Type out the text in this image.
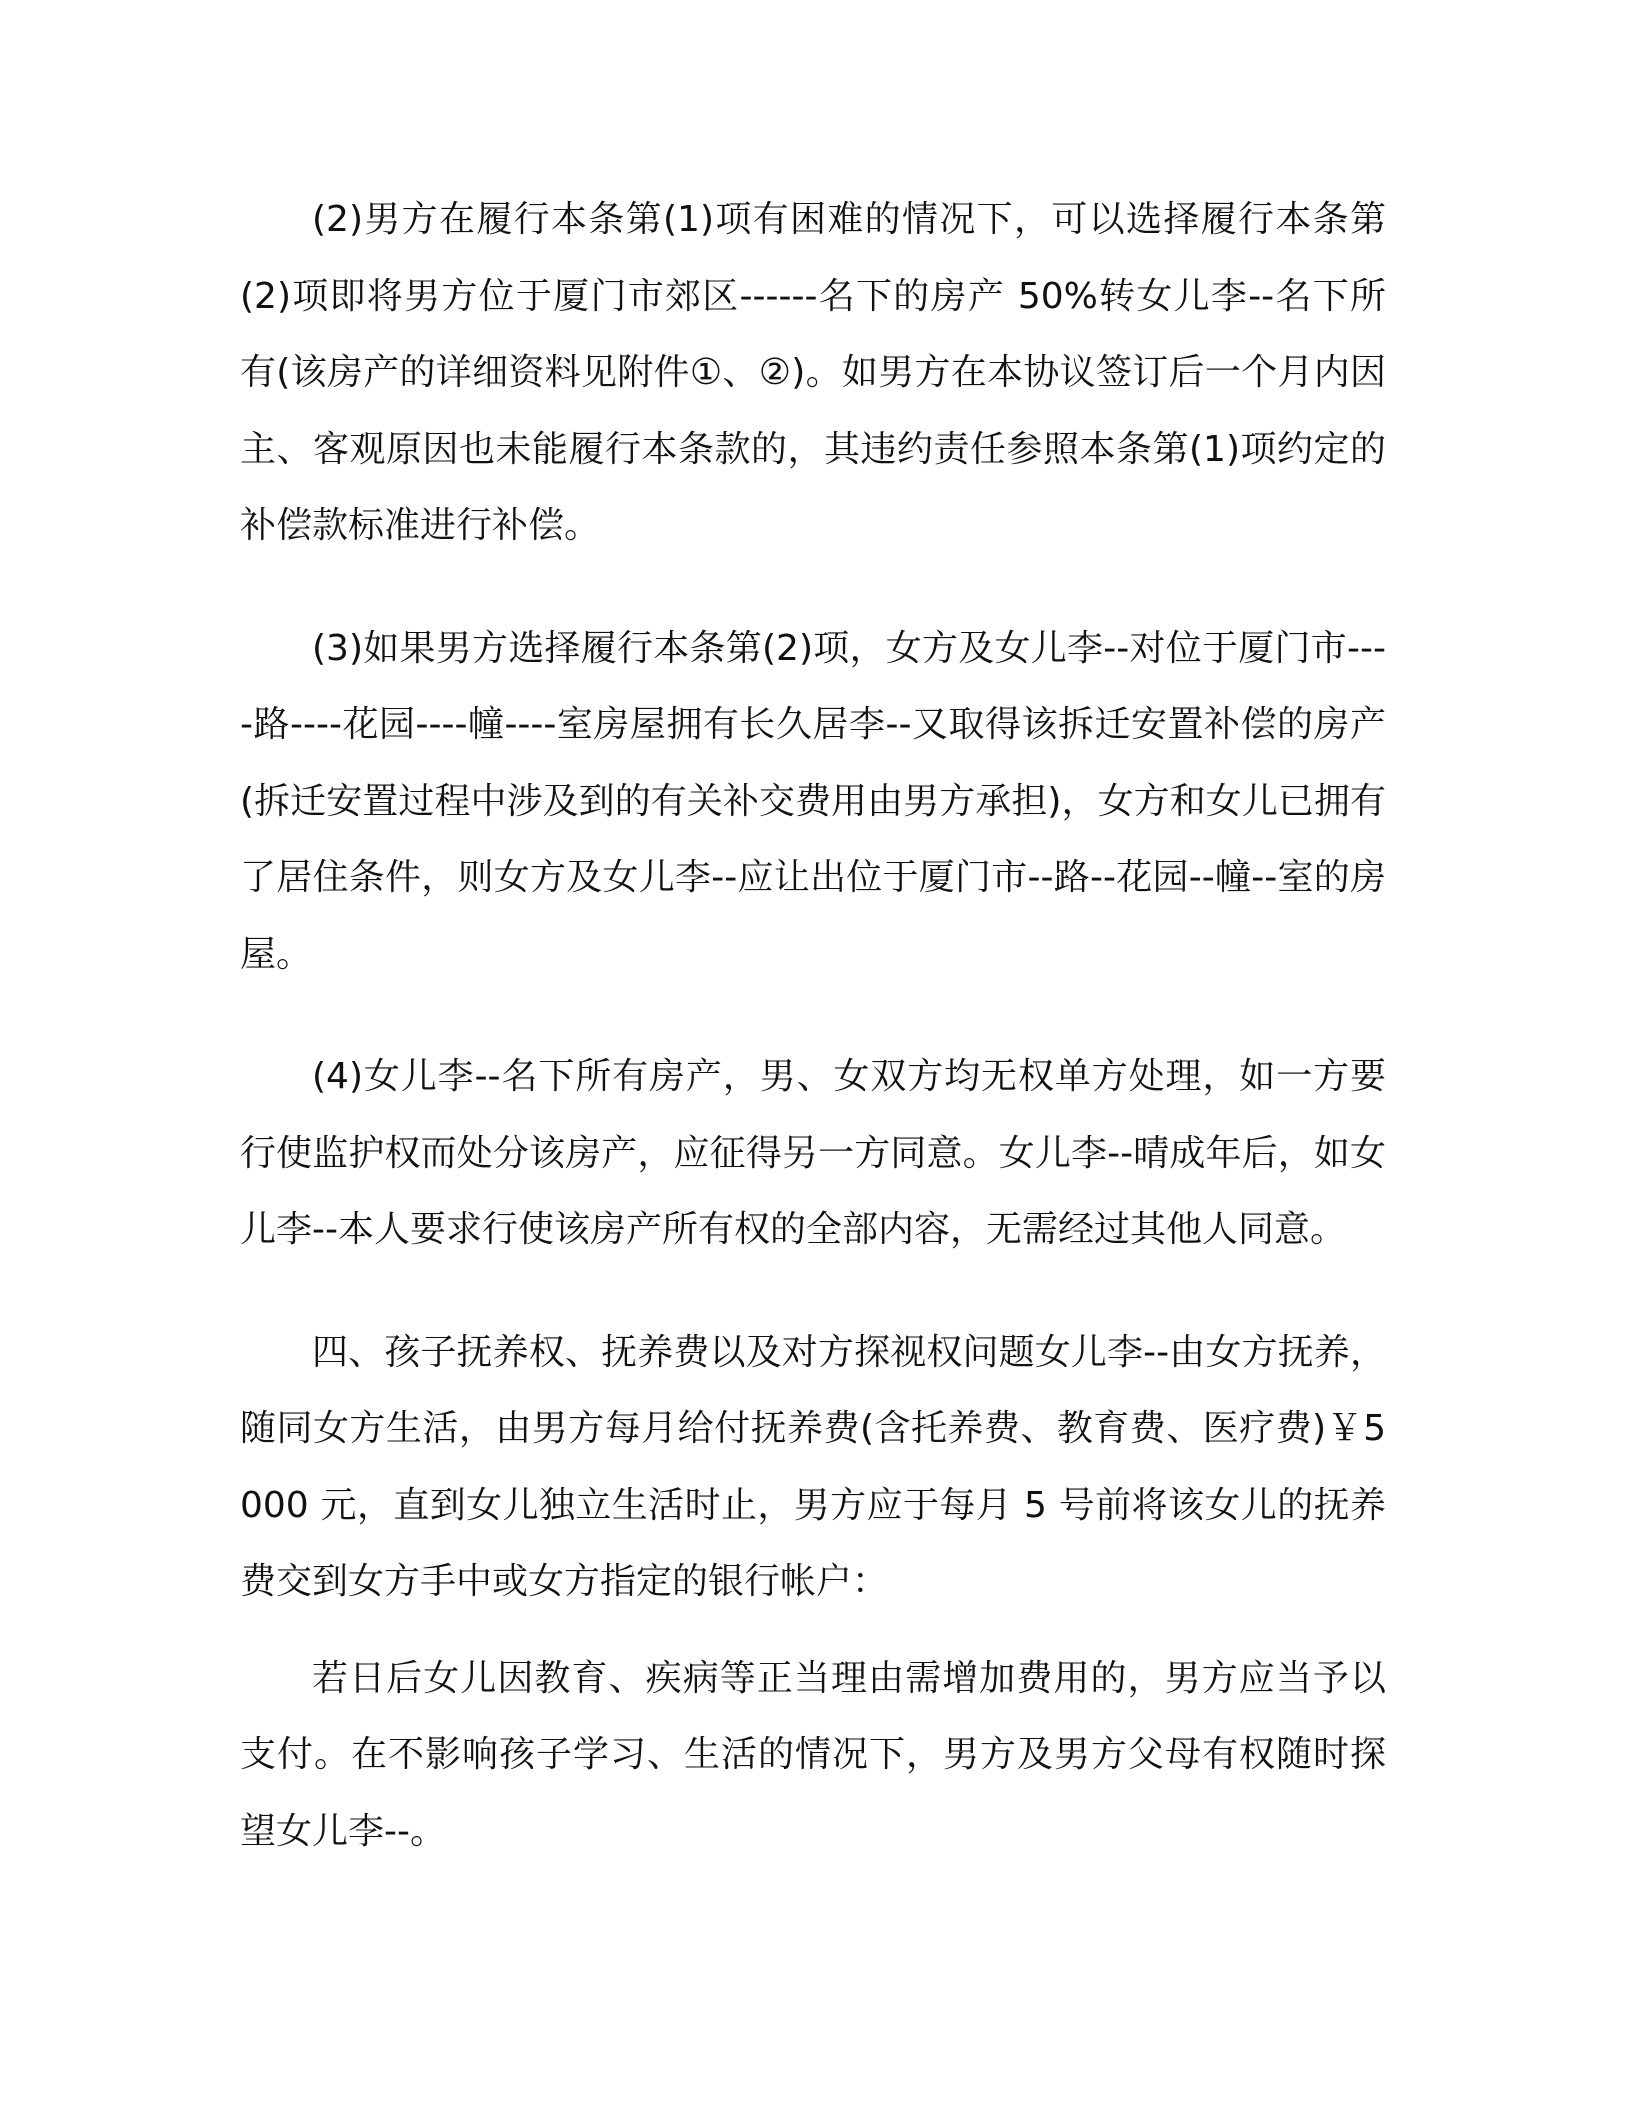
(2)男方在履行本条第(1)项有困难的情况下，可以选择履行本条第(2)项即将男方位于厦门市郊区------名下的房产 50%转女儿李--名下所有(该房产的详细资料见附件①、②)。如男方在本协议签订后一个月内因主、客观原因也未能履行本条款的，其违约责任参照本条第(1)项约定的补偿款标准进行补偿。

(3)如果男方选择履行本条第(2)项，女方及女儿李--对位于厦门市----路----花园----幢----室房屋拥有长久居李--又取得该拆迁安置补偿的房产(拆迁安置过程中涉及到的有关补交费用由男方承担)，女方和女儿已拥有了居住条件，则女方及女儿李--应让出位于厦门市--路--花园--幢--室的房屋。

(4)女儿李--名下所有房产，男、女双方均无权单方处理，如一方要行使监护权而处分该房产，应征得另一方同意。女儿李--晴成年后，如女儿李--本人要求行使该房产所有权的全部内容，无需经过其他人同意。

四、孩子抚养权、抚养费以及对方探视权问题女儿李--由女方抚养，随同女方生活，由男方每月给付抚养费(含托养费、教育费、医疗费)￥5000 元，直到女儿独立生活时止，男方应于每月 5 号前将该女儿的抚养费交到女方手中或女方指定的银行帐户：

若日后女儿因教育、疾病等正当理由需增加费用的，男方应当予以支付。在不影响孩子学习、生活的情况下，男方及男方父母有权随时探望女儿李--。
